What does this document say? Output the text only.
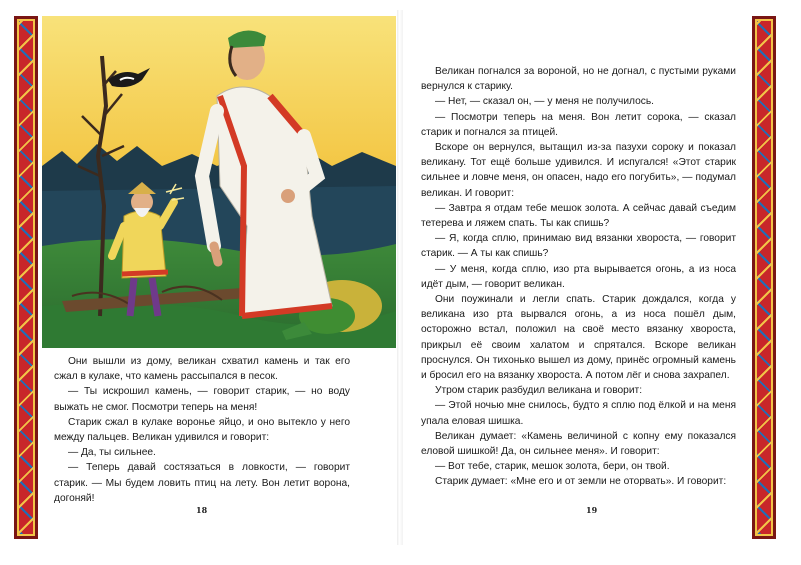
Они вышли из дому, великан схватил камень и так его сжал в кулаке, что камень рассыпался в песок.

— Ты искрошил камень, — говорит старик, — но воду выжать не смог. Посмотри теперь на меня!

Старик сжал в кулаке воронье яйцо, и оно вытекло у него между пальцев. Великан удивился и говорит:

— Да, ты сильнее.

— Теперь давай состязаться в ловкости, — говорит старик. — Мы будем ловить птиц на лету. Вон летит ворона, догоняй!

Великан погнался за вороной, но не догнал, с пустыми руками вернулся к старику.

— Нет, — сказал он, — у меня не получилось.

— Посмотри теперь на меня. Вон летит сорока, — сказал старик и погнался за птицей.

Вскоре он вернулся, вытащил из-за пазухи сороку и показал великану. Тот ещё больше удивился. И испугался! «Этот старик сильнее и ловче меня, он опасен, надо его погубить», — подумал великан. И говорит:

— Завтра я отдам тебе мешок золота. А сейчас давай съедим тетерева и ляжем спать. Ты как спишь?

— Я, когда сплю, принимаю вид вязанки хвороста, — говорит старик. — А ты как спишь?

— У меня, когда сплю, изо рта вырывается огонь, а из носа идёт дым, — говорит великан.

Они поужинали и легли спать. Старик дождался, когда у великана изо рта вырвался огонь, а из носа пошёл дым, осторожно встал, положил на своё место вязанку хвороста, прикрыл её своим халатом и спрятался. Вскоре великан проснулся. Он тихонько вышел из дому, принёс огромный камень и бросил его на вязанку хвороста. А потом лёг и снова захрапел.

Утром старик разбудил великана и говорит:

— Этой ночью мне снилось, будто я сплю под ёлкой и на меня упала еловая шишка.

Великан думает: «Камень величиной с копну ему показался еловой шишкой! Да, он сильнее меня». И говорит:

— Вот тебе, старик, мешок золота, бери, он твой.

Старик думает: «Мне его и от земли не оторвать». И говорит:

18	19
